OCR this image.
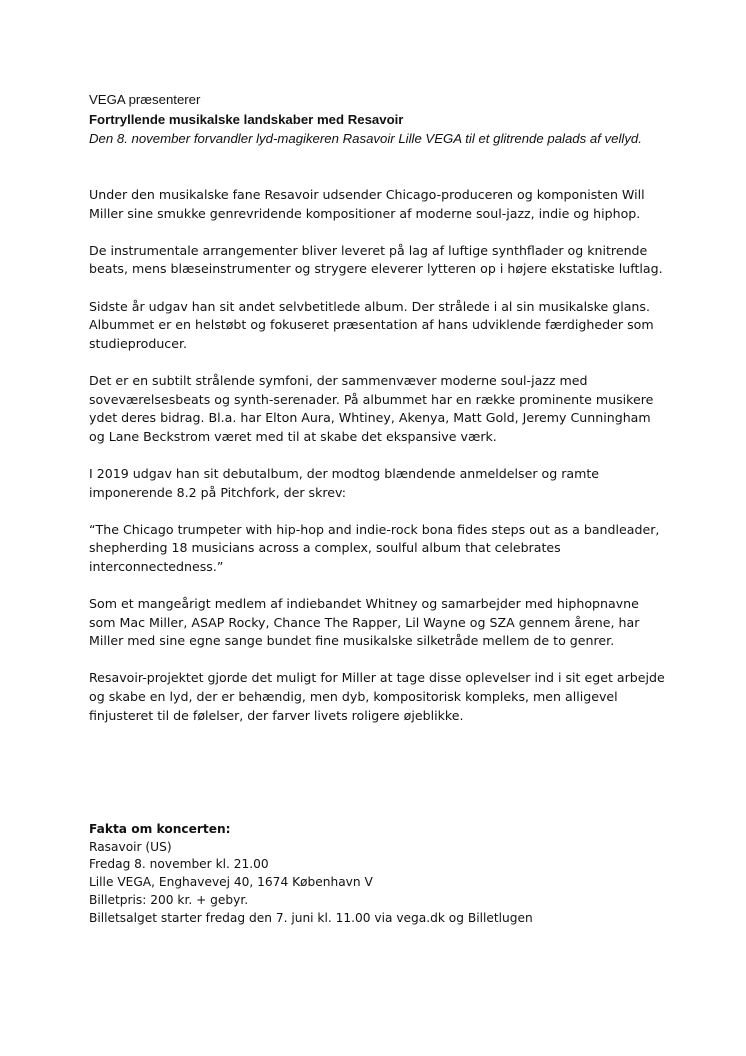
VEGA præsenterer
Fortryllende musikalske landskaber med Resavoir
Den 8. november forvandler lyd-magikeren Rasavoir Lille VEGA til et glitrende palads af vellyd.

Under den musikalske fane Resavoir udsender Chicago-produceren og komponisten Will Miller sine smukke genrevridende kompositioner af moderne soul-jazz, indie og hiphop.

De instrumentale arrangementer bliver leveret på lag af luftige synthflader og knitrende beats, mens blæseinstrumenter og strygere eleverer lytteren op i højere ekstatiske luftlag.

Sidste år udgav han sit andet selvbetitlede album. Der strålede i al sin musikalske glans. Albummet er en helstøbt og fokuseret præsentation af hans udviklende færdigheder som studieproducer.

Det er en subtilt strålende symfoni, der sammenvæver moderne soul-jazz med soveværelsesbeats og synth-serenader. På albummet har en række prominente musikere ydet deres bidrag. Bl.a. har Elton Aura, Whtiney, Akenya, Matt Gold, Jeremy Cunningham og Lane Beckstrom været med til at skabe det ekspansive værk.

I 2019 udgav han sit debutalbum, der modtog blændende anmeldelser og ramte imponerende 8.2 på Pitchfork, der skrev:

“The Chicago trumpeter with hip-hop and indie-rock bona fides steps out as a bandleader, shepherding 18 musicians across a complex, soulful album that celebrates interconnectedness.”

Som et mangeårigt medlem af indiebandet Whitney og samarbejder med hiphopnavne som Mac Miller, ASAP Rocky, Chance The Rapper, Lil Wayne og SZA gennem årene, har Miller med sine egne sange bundet fine musikalske silketråde mellem de to genrer.

Resavoir-projektet gjorde det muligt for Miller at tage disse oplevelser ind i sit eget arbejde og skabe en lyd, der er behændig, men dyb, kompositorisk kompleks, men alligevel finjusteret til de følelser, der farver livets roligere øjeblikke.

Fakta om koncerten:
Rasavoir (US)
Fredag 8. november kl. 21.00
Lille VEGA, Enghavevej 40, 1674 København V
Billetpris: 200 kr. + gebyr.
Billetsalget starter fredag den 7. juni kl. 11.00 via vega.dk og Billetlugen
